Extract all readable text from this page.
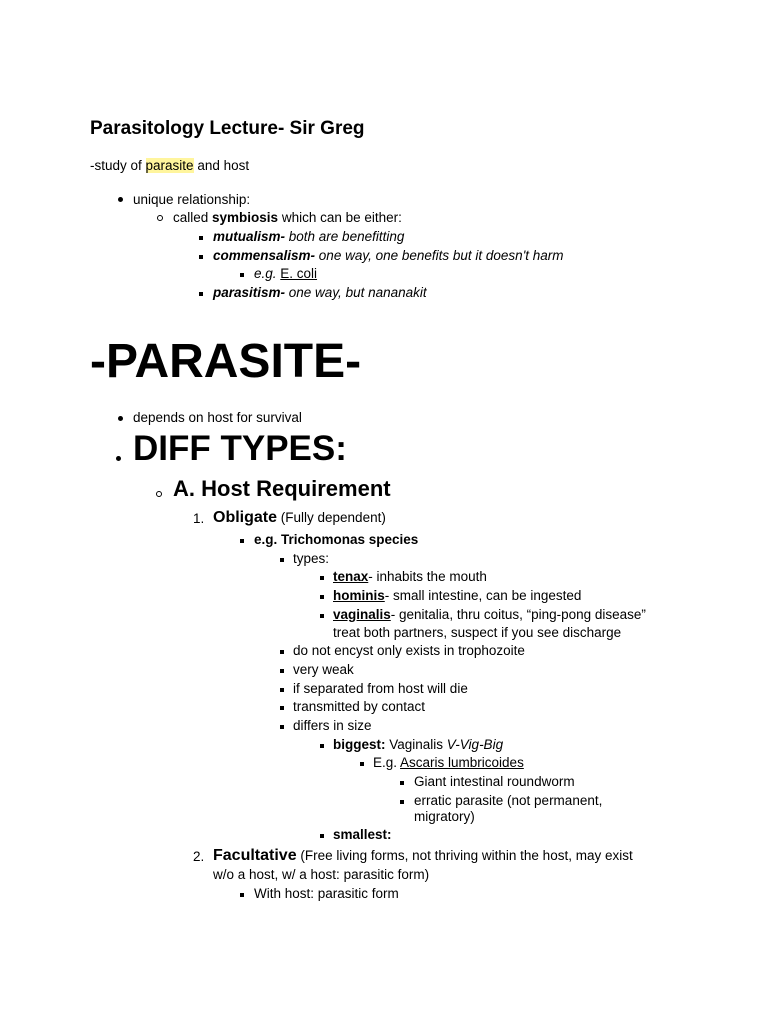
Parasitology Lecture- Sir Greg
-study of parasite and host
unique relationship:
called symbiosis which can be either:
mutualism- both are benefitting
commensalism- one way, one benefits but it doesn't harm
e.g. E. coli
parasitism- one way, but nananakit
-PARASITE-
depends on host for survival
DIFF TYPES:
A. Host Requirement
1. Obligate (Fully dependent)
e.g. Trichomonas species
types:
tenax- inhabits the mouth
hominis- small intestine, can be ingested
vaginalis- genitalia, thru coitus, “ping-pong disease”
treat both partners, suspect if you see discharge
do not encyst only exists in trophozoite
very weak
if separated from host will die
transmitted by contact
differs in size
biggest: Vaginalis V-Vig-Big
E.g. Ascaris lumbricoides
Giant intestinal roundworm
erratic parasite (not permanent,
migratory)
smallest:
2. Facultative (Free living forms, not thriving within the host, may exist
w/o a host, w/ a host: parasitic form)
With host: parasitic form
